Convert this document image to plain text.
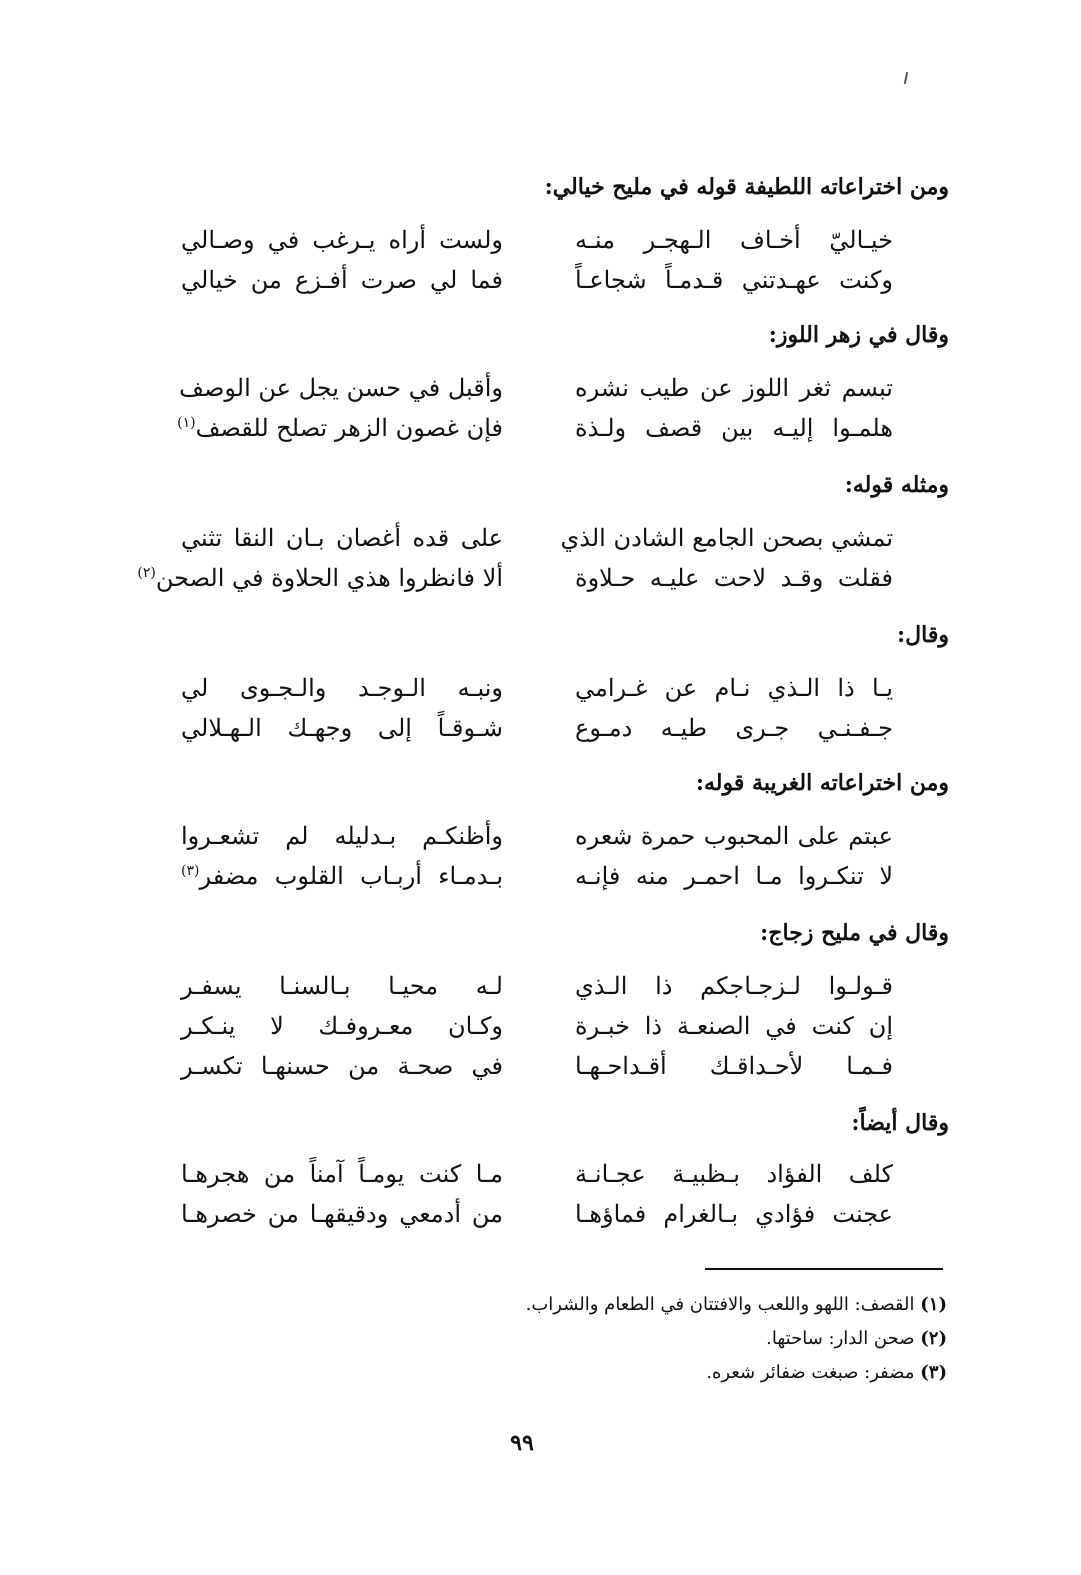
ومن اختراعاته اللطيفة قوله في مليح خيالي:
خيـاليّ أخـاف الـهجـر منـه
ولست أراه يـرغب في وصـالي
وكنت عهـدتني قـدمـاً شجاعـاً
فما لي صرت أفـزع من خيالي
وقال في زهر اللوز:
تبسم ثغر اللوز عن طيب نشره
وأقبل في حسن يجل عن الوصف
هلمـوا إليـه بين قصف ولـذة
فإن غصون الزهر تصلح للقصف$^{(١)}$
ومثله قوله:
تمشي بصحن الجامع الشادن الذي
على قده أغصان بـان النقا تثني
فقلت وقـد لاحت عليـه حـلاوة
ألا فانظروا هذي الحلاوة في الصحن$^{(٢)}$
وقال:
يـا ذا الـذي نـام عن غـرامي
ونبـه الـوجـد والـجـوى لي
جـفـنـي جـرى طيـه دمـوع
شـوقـاً إلى وجهـك الـهـلالي
ومن اختراعاته الغريبة قوله:
عبتم على المحبوب حمرة شعره
وأظنكـم بـدليله لم تشعـروا
لا تنكـروا مـا احمـر منه فإنـه
بـدمـاء أربـاب القلوب مضفر$^{(٣)}$
وقال في مليح زجاج:
قـولـوا لـزجـاجكم ذا الـذي
لـه محيـا بـالسنـا يسفـر
إن كنت في الصنعـة ذا خبـرة
وكـان معـروفـك لا ينـكـر
فـمـا لأحـداقـك أقـداحـهـا
في صحـة من حسنهـا تكسـر
وقال أيضاً:
كلف الفؤاد بـظبيـة عجـانـة
مـا كنت يومـاً آمناً من هجرهـا
عجنت فؤادي بـالغرام فماؤهـا
من أدمعي ودقيقهـا من خصرهـا
(١) القصف: اللهو واللعب والافتتان في الطعام والشراب.
(٢) صحن الدار: ساحتها.
(٣) مضفر: صبغت ضفائر شعره.
٩٩
